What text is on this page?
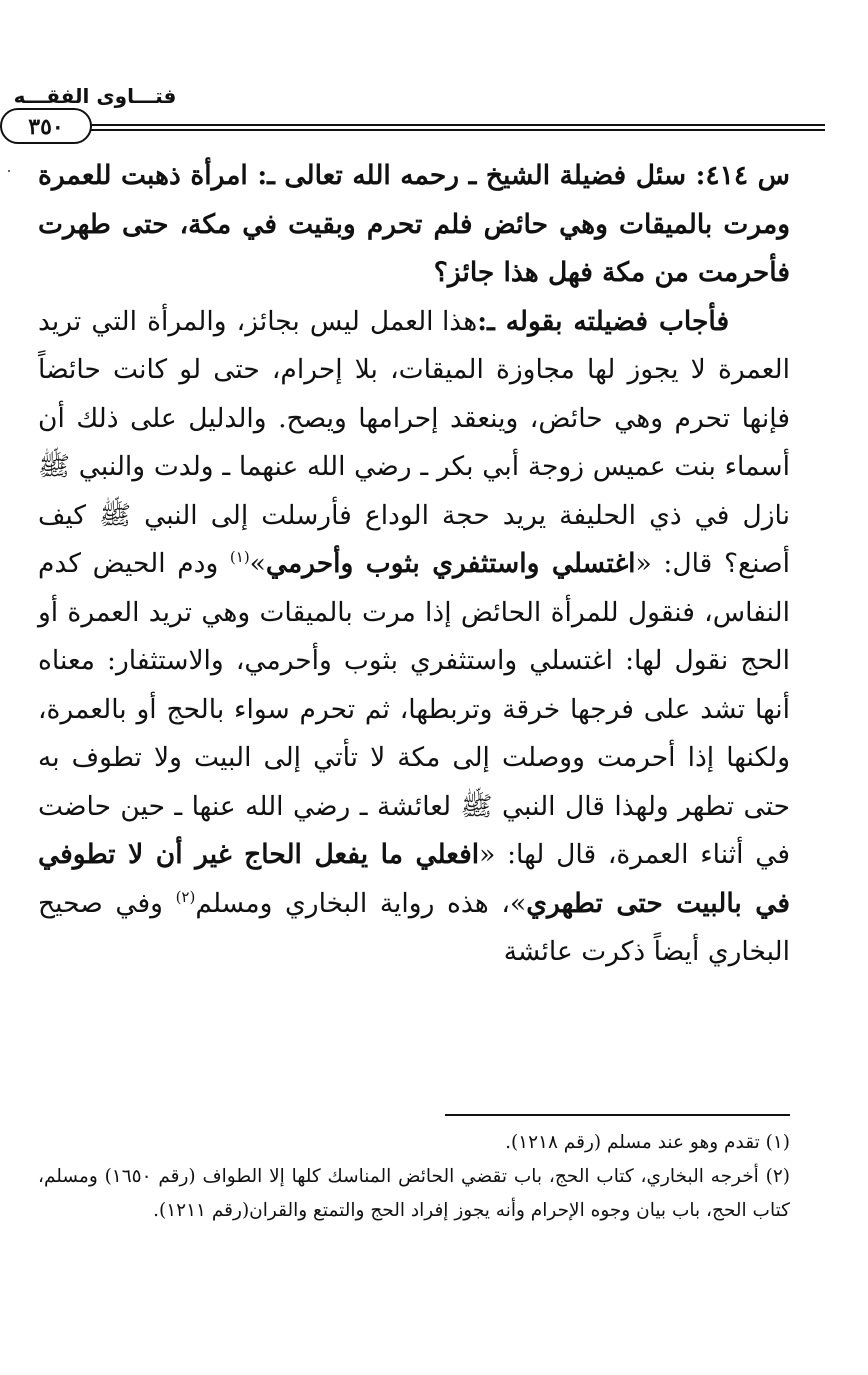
فتـــاوى الفقـــه
٣٥٠

س ٤١٤: سئل فضيلة الشيخ ـ رحمه الله تعالى ـ: امرأة ذهبت للعمرة ومرت بالميقات وهي حائض فلم تحرم وبقيت في مكة، حتى طهرت فأحرمت من مكة فهل هذا جائز؟

فأجاب فضيلته بقوله ـ:هذا العمل ليس بجائز، والمرأة التي تريد العمرة لا يجوز لها مجاوزة الميقات، بلا إحرام، حتى لو كانت حائضاً فإنها تحرم وهي حائض، وينعقد إحرامها ويصح. والدليل على ذلك أن أسماء بنت عميس زوجة أبي بكر ـ رضي الله عنهما ـ ولدت والنبي ﷺ نازل في ذي الحليفة يريد حجة الوداع فأرسلت إلى النبي ﷺ كيف أصنع؟ قال: «اغتسلي واستثفري بثوب وأحرمي»$^{(١)}$ ودم الحيض كدم النفاس، فنقول للمرأة الحائض إذا مرت بالميقات وهي تريد العمرة أو الحج نقول لها: اغتسلي واستثفري بثوب وأحرمي، والاستثفار: معناه أنها تشد على فرجها خرقة وتربطها، ثم تحرم سواء بالحج أو بالعمرة، ولكنها إذا أحرمت ووصلت إلى مكة لا تأتي إلى البيت ولا تطوف به حتى تطهر ولهذا قال النبي ﷺ لعائشة ـ رضي الله عنها ـ حين حاضت في أثناء العمرة، قال لها: «افعلي ما يفعل الحاج غير أن لا تطوفي في بالبيت حتى تطهري»، هذه رواية البخاري ومسلم$^{(٢)}$ وفي صحيح البخاري أيضاً ذكرت عائشة

(١) تقدم وهو عند مسلم (رقم ١٢١٨).

(٢) أخرجه البخاري، كتاب الحج، باب تقضي الحائض المناسك كلها إلا الطواف (رقم ١٦٥٠) ومسلم، كتاب الحج، باب بيان وجوه الإحرام وأنه يجوز إفراد الحج والتمتع والقران(رقم ١٢١١).
